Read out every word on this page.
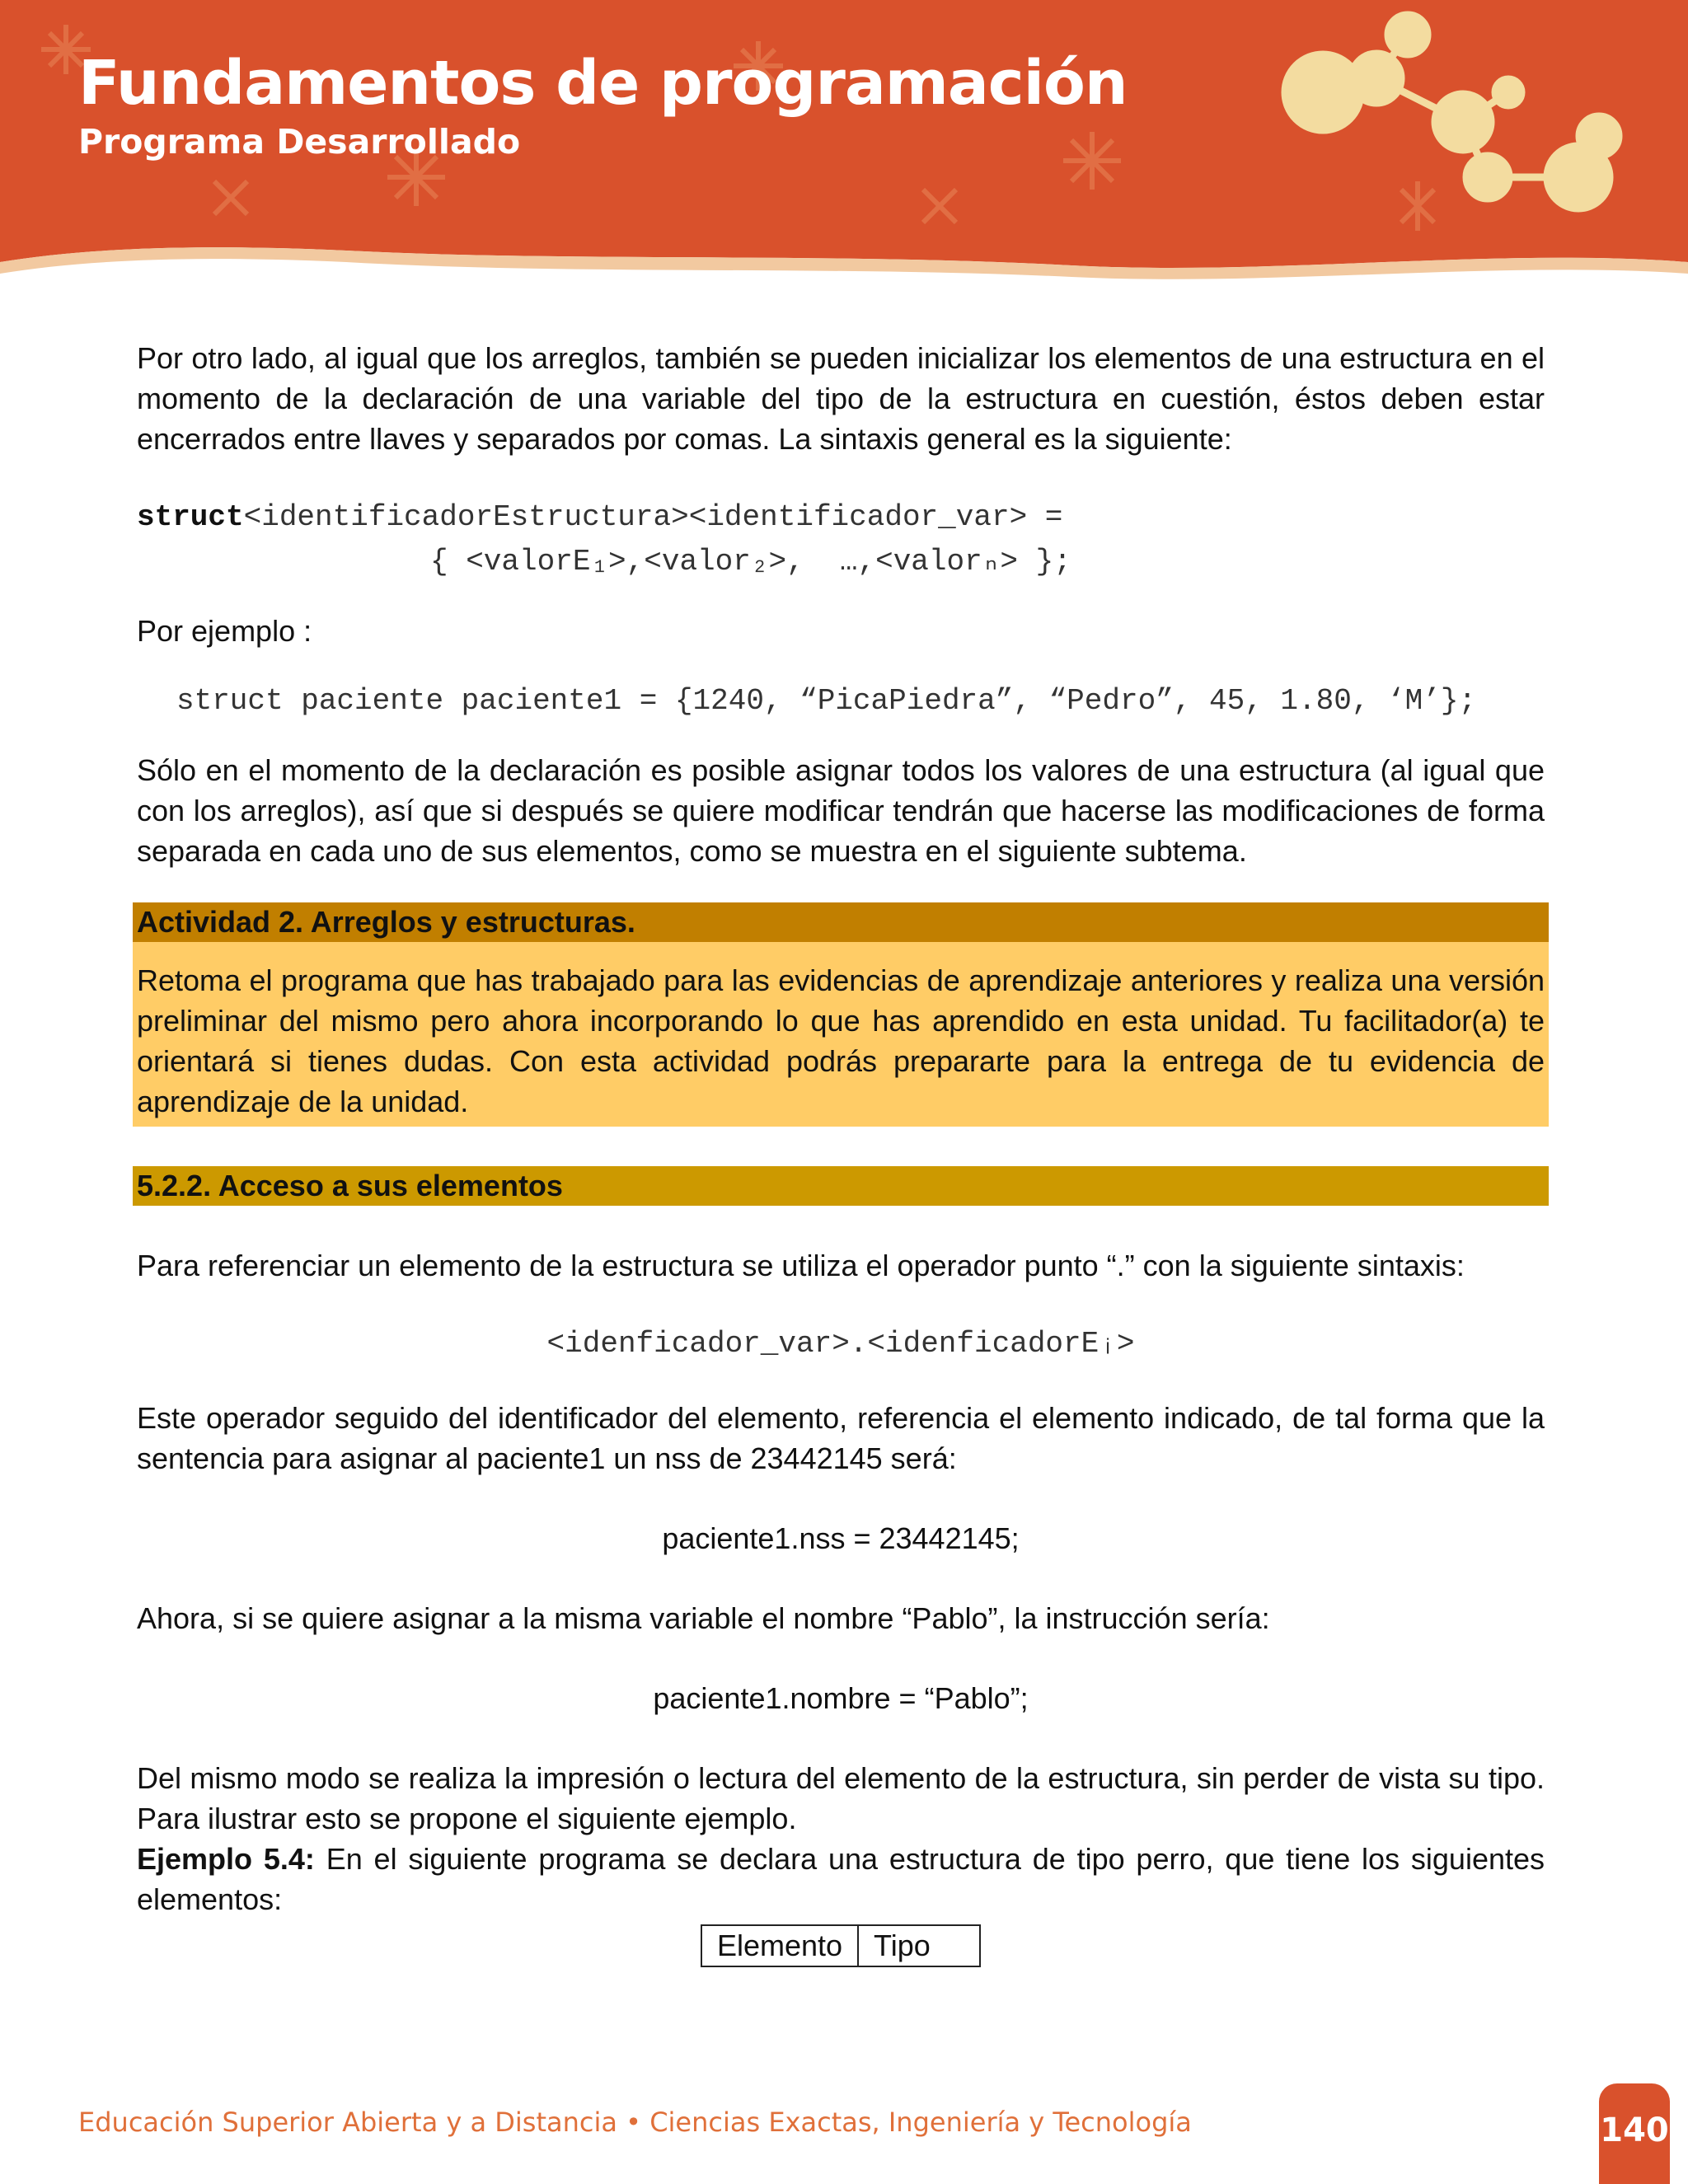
Fundamentos de programación
Programa Desarrollado

Por otro lado, al igual que los arreglos, también se pueden inicializar los elementos de una estructura en el momento de la declaración de una variable del tipo de la estructura en cuestión, éstos deben estar encerrados entre llaves y separados por comas. La sintaxis general es la siguiente:

struct<identificadorEstructura><identificador_var> =
{ <valorE₁>,<valor₂>,  …,<valorₙ> };

Por ejemplo :

struct paciente paciente1 = {1240, “PicaPiedra”, “Pedro”, 45, 1.80, ‘M’};

Sólo en el momento de la declaración es posible asignar todos los valores de una estructura (al igual que con los arreglos), así que si después se quiere modificar tendrán que hacerse las modificaciones de forma separada en cada uno de sus elementos, como se muestra en el siguiente subtema.

Actividad 2. Arreglos y estructuras.

Retoma el programa que has trabajado para las evidencias de aprendizaje anteriores y realiza una versión preliminar del mismo pero ahora incorporando lo que has aprendido en esta unidad. Tu facilitador(a) te orientará si tienes dudas. Con esta actividad podrás prepararte para la entrega de tu evidencia de aprendizaje de la unidad.

5.2.2. Acceso a sus elementos

Para referenciar un elemento de la estructura se utiliza el operador punto “.” con la siguiente sintaxis:

<idenficador_var>.<idenficadorEᵢ>

Este operador seguido del identificador del elemento, referencia el elemento indicado, de tal forma que la sentencia para asignar al paciente1 un nss de 23442145 será:

paciente1.nss = 23442145;

Ahora, si se quiere asignar a la misma variable el nombre “Pablo”, la instrucción sería:

paciente1.nombre = “Pablo”;

Del mismo modo se realiza la impresión o lectura del elemento de la estructura, sin perder de vista su tipo. Para ilustrar esto se propone el siguiente ejemplo.

Ejemplo 5.4: En el siguiente programa se declara una estructura de tipo perro, que tiene los siguientes elementos:

Elemento	Tipo
Educación Superior Abierta y a Distancia • Ciencias Exactas, Ingeniería y Tecnología	140
